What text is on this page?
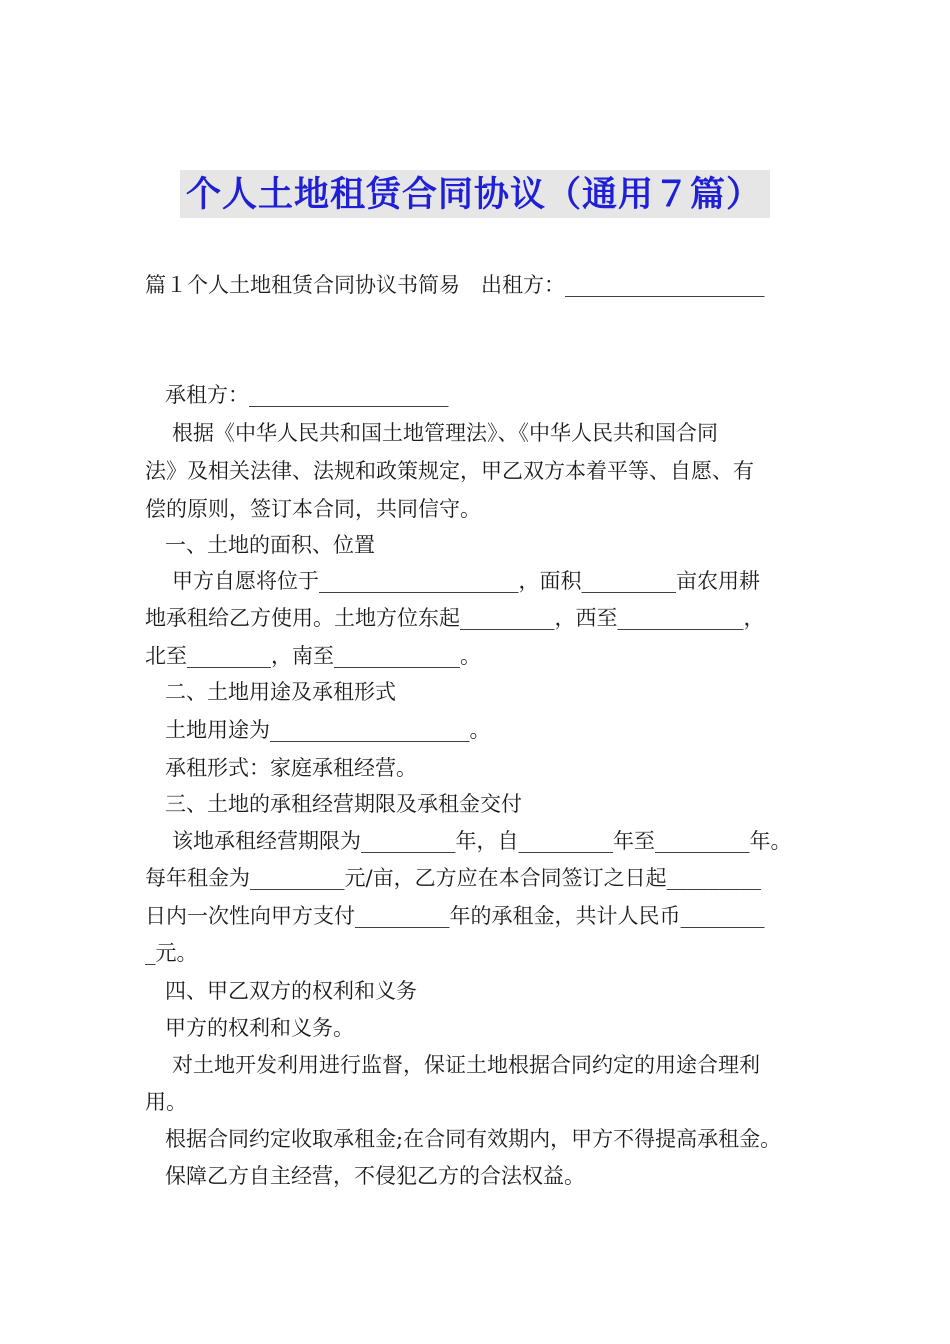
个人土地租赁合同协议（通用７篇）
篇１个人土地租赁合同协议书简易　出租方：___________________
承租方：___________________
根据《中华人民共和国土地管理法》、《中华人民共和国合同
法》及相关法律、法规和政策规定，甲乙双方本着平等、自愿、有
偿的原则，签订本合同，共同信守。
一、土地的面积、位置
甲方自愿将位于___________________，面积_________亩农用耕
地承租给乙方使用。土地方位东起_________，西至____________，
北至________，南至____________。
二、土地用途及承租形式
土地用途为___________________。
承租形式：家庭承租经营。
三、土地的承租经营期限及承租金交付
该地承租经营期限为_________年，自_________年至_________年。
每年租金为_________元/亩，乙方应在本合同签订之日起_________
日内一次性向甲方支付_________年的承租金，共计人民币________
_元。
四、甲乙双方的权利和义务
甲方的权利和义务。
对土地开发利用进行监督，保证土地根据合同约定的用途合理利
用。
根据合同约定收取承租金;在合同有效期内，甲方不得提高承租金。
保障乙方自主经营，不侵犯乙方的合法权益。
